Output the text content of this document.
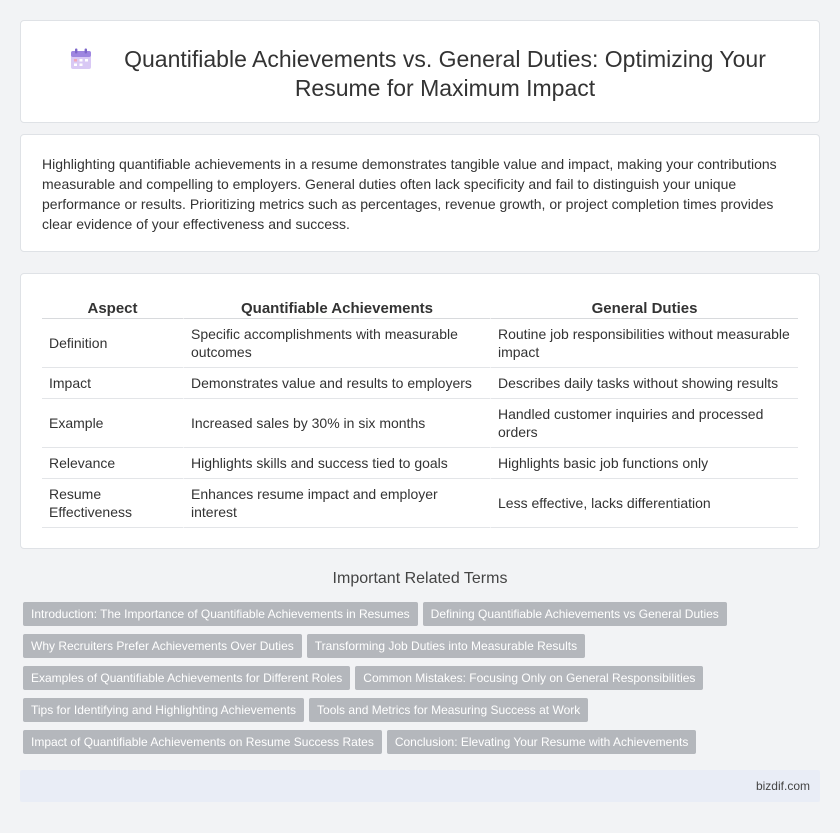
Quantifiable Achievements vs. General Duties: Optimizing Your Resume for Maximum Impact

Highlighting quantifiable achievements in a resume demonstrates tangible value and impact, making your contributions measurable and compelling to employers. General duties often lack specificity and fail to distinguish your unique performance or results. Prioritizing metrics such as percentages, revenue growth, or project completion times provides clear evidence of your effectiveness and success.

Aspect	Quantifiable Achievements	General Duties
Definition	Specific accomplishments with measurable outcomes	Routine job responsibilities without measurable impact
Impact	Demonstrates value and results to employers	Describes daily tasks without showing results
Example	Increased sales by 30% in six months	Handled customer inquiries and processed orders
Relevance	Highlights skills and success tied to goals	Highlights basic job functions only
Resume Effectiveness	Enhances resume impact and employer interest	Less effective, lacks differentiation
Important Related Terms
Introduction: The Importance of Quantifiable Achievements in Resumes Defining Quantifiable Achievements vs General Duties
Why Recruiters Prefer Achievements Over Duties Transforming Job Duties into Measurable Results
Examples of Quantifiable Achievements for Different Roles Common Mistakes: Focusing Only on General Responsibilities
Tips for Identifying and Highlighting Achievements Tools and Metrics for Measuring Success at Work
Impact of Quantifiable Achievements on Resume Success Rates Conclusion: Elevating Your Resume with Achievements
bizdif.com
